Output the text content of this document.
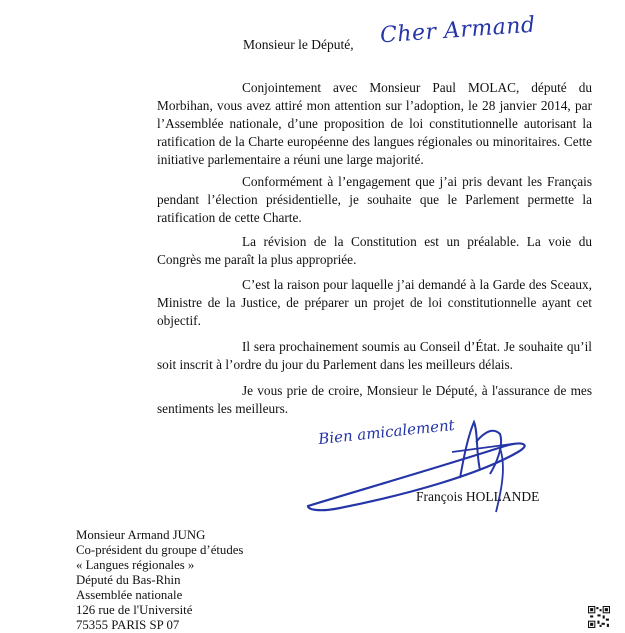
Monsieur le Député, Cher Armand

Conjointement avec Monsieur Paul MOLAC, député du Morbihan, vous avez attiré mon attention sur l’adoption, le 28 janvier 2014, par l’Assemblée nationale, d’une proposition de loi constitutionnelle autorisant la ratification de la Charte européenne des langues régionales ou minoritaires. Cette initiative parlementaire a réuni une large majorité.

Conformément à l’engagement que j’ai pris devant les Français pendant l’élection présidentielle, je souhaite que le Parlement permette la ratification de cette Charte.

La révision de la Constitution est un préalable. La voie du Congrès me paraît la plus appropriée.

C’est la raison pour laquelle j’ai demandé à la Garde des Sceaux, Ministre de la Justice, de préparer un projet de loi constitutionnelle ayant cet objectif.

Il sera prochainement soumis au Conseil d’État. Je souhaite qu’il soit inscrit à l’ordre du jour du Parlement dans les meilleurs délais.

Je vous prie de croire, Monsieur le Député, à l'assurance de mes sentiments les meilleurs.

Bien amicalement
François HOLLANDE
Monsieur Armand JUNG
Co-président du groupe d’études
« Langues régionales »
Député du Bas-Rhin
Assemblée nationale
126 rue de l'Université
75355 PARIS SP 07
